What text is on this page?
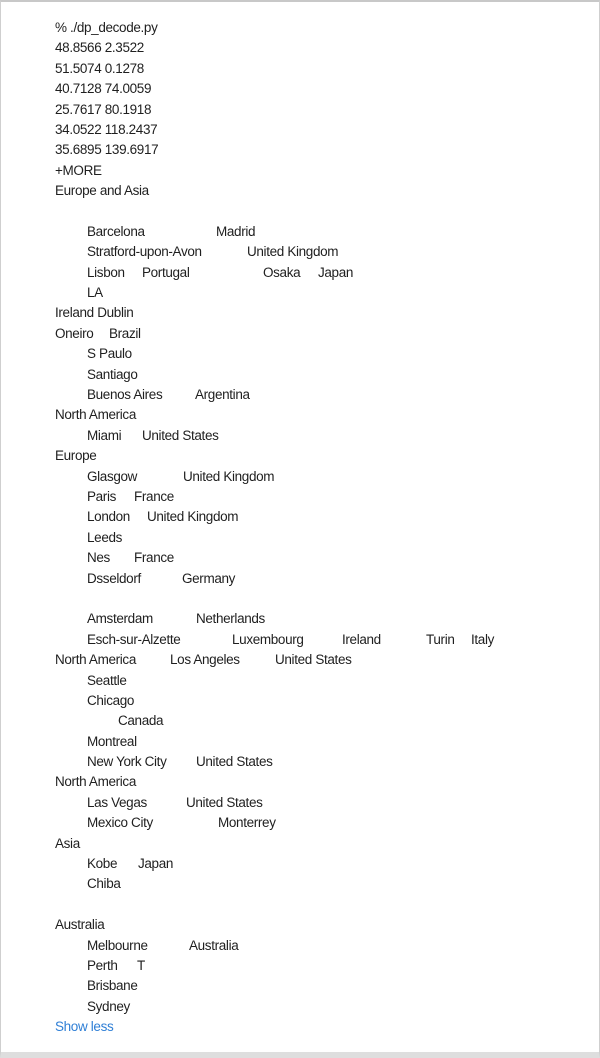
% ./dp_decode.py
48.8566 2.3522
51.5074 0.1278
40.7128 74.0059
25.7617 80.1918
34.0522 118.2437
35.6895 139.6917
+MORE
Europe and Asia
Barcelona	Madrid
Stratford-upon-Avon	United Kingdom
Lisbon Portugal	Osaka Japan
LA
Ireland Dublin
Oneiro Brazil
S Paulo
Santiago
Buenos Aires Argentina
North America
Miami United States
Europe
Glasgow	United Kingdom
Paris France
London United Kingdom
Leeds
Nes France
Dsseldorf	Germany
Amsterdam	Netherlands
Esch-sur-Alzette	Luxembourg	Ireland	Turin Italy
North America	Los Angeles	United States
Seattle
Chicago
Canada
Montreal
New York City United States
North America
Las Vegas	United States
Mexico City	Monterrey
Asia
Kobe Japan
Chiba
Australia
Melbourne	Australia
Perth T
Brisbane
Sydney
Show less
